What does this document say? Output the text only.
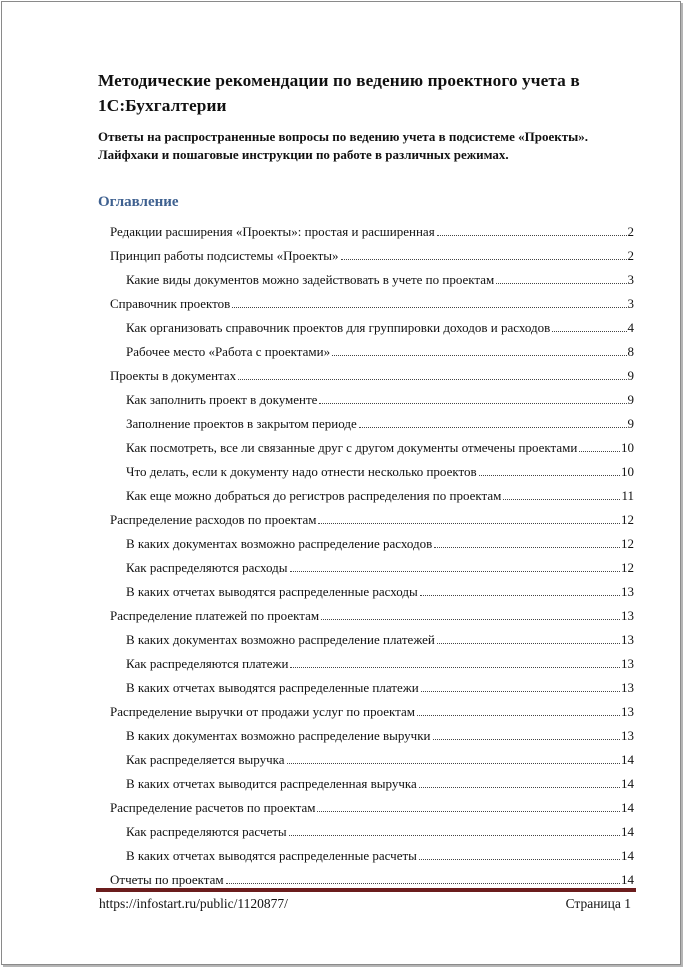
Методические рекомендации по ведению проектного учета в 1С:Бухгалтерии
Ответы на распространенные вопросы по ведению учета в подсистеме «Проекты». Лайфхаки и пошаговые инструкции по работе в различных режимах.
Оглавление
Редакции расширения «Проекты»: простая и расширенная	2
Принцип работы подсистемы «Проекты»	2
Какие виды документов можно задействовать в учете по проектам	3
Справочник проектов	3
Как организовать справочник проектов для группировки доходов и расходов	4
Рабочее место «Работа с проектами»	8
Проекты в документах	9
Как заполнить проект в документе	9
Заполнение проектов в закрытом периоде	9
Как посмотреть, все ли связанные друг с другом документы отмечены проектами	10
Что делать, если к документу надо отнести несколько проектов	10
Как еще можно добраться до регистров распределения по проектам	11
Распределение расходов по проектам	12
В каких документах возможно распределение расходов	12
Как распределяются расходы	12
В каких отчетах выводятся распределенные расходы	13
Распределение платежей по проектам	13
В каких документах возможно распределение платежей	13
Как распределяются платежи	13
В каких отчетах выводятся распределенные платежи	13
Распределение выручки от продажи услуг по проектам	13
В каких документах возможно распределение выручки	13
Как распределяется выручка	14
В каких отчетах выводится распределенная выручка	14
Распределение расчетов по проектам	14
Как распределяются расчеты	14
В каких отчетах выводятся распределенные расчеты	14
Отчеты по проектам	14
https://infostart.ru/public/1120877/	Страница 1
